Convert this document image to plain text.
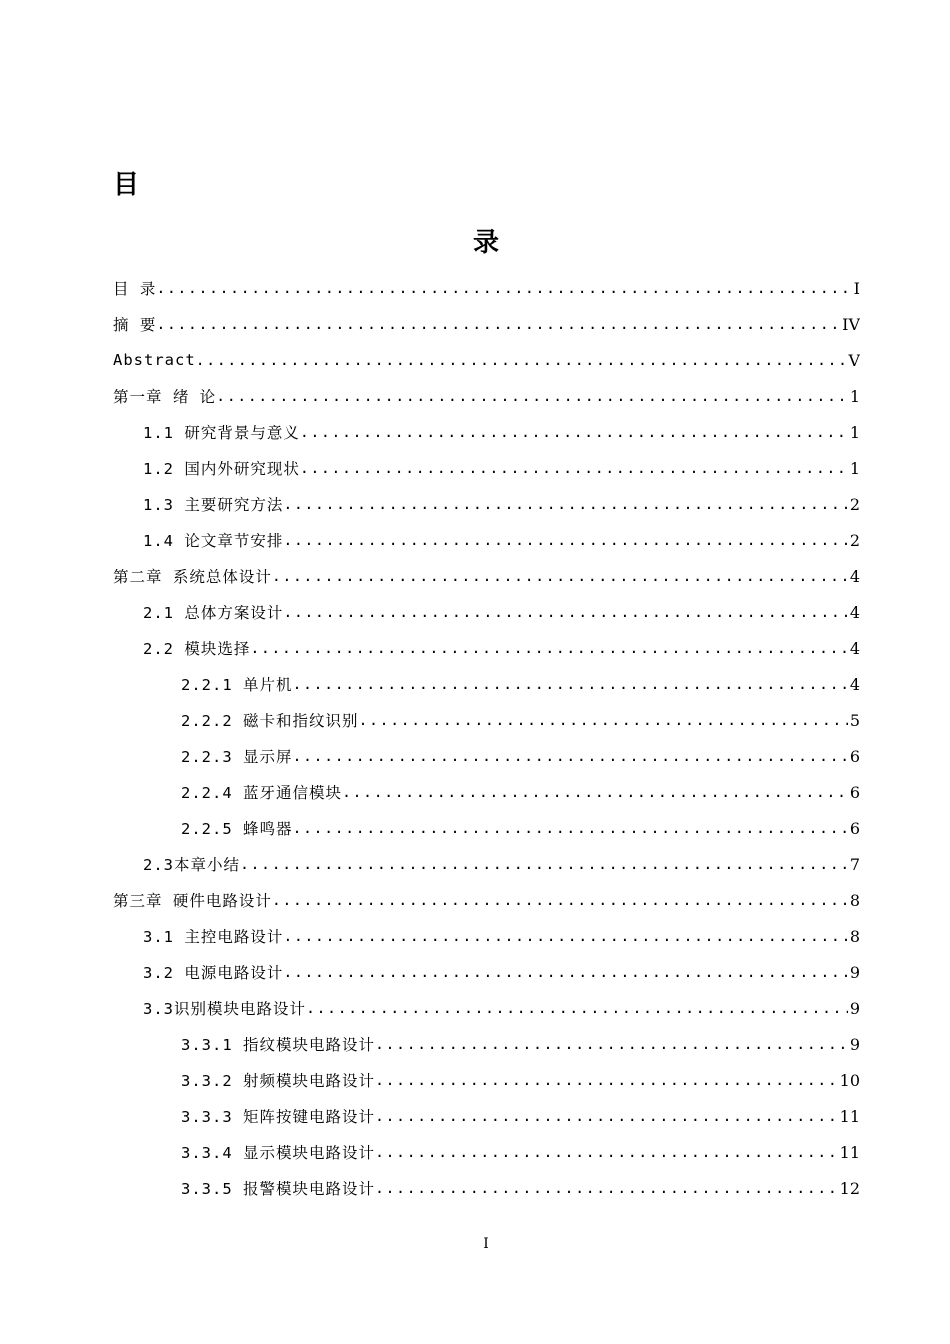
目
录
目 录 .....	I
摘 要 .....	IV
Abstract .....	V
第一章 绪 论 .....	1
1.1 研究背景与意义 .....	1
1.2 国内外研究现状 .....	1
1.3 主要研究方法 .....	2
1.4 论文章节安排 .....	2
第二章 系统总体设计 .....	4
2.1 总体方案设计 .....	4
2.2 模块选择 .....	4
2.2.1 单片机 .....	4
2.2.2 磁卡和指纹识别 .....	5
2.2.3 显示屏 .....	6
2.2.4 蓝牙通信模块 .....	6
2.2.5 蜂鸣器 .....	6
2.3本章小结 .....	7
第三章 硬件电路设计 .....	8
3.1 主控电路设计 .....	8
3.2 电源电路设计 .....	9
3.3识别模块电路设计 .....	9
3.3.1 指纹模块电路设计 .....	9
3.3.2 射频模块电路设计 .....	10
3.3.3 矩阵按键电路设计 .....	11
3.3.4 显示模块电路设计 .....	11
3.3.5 报警模块电路设计 .....	12
I
